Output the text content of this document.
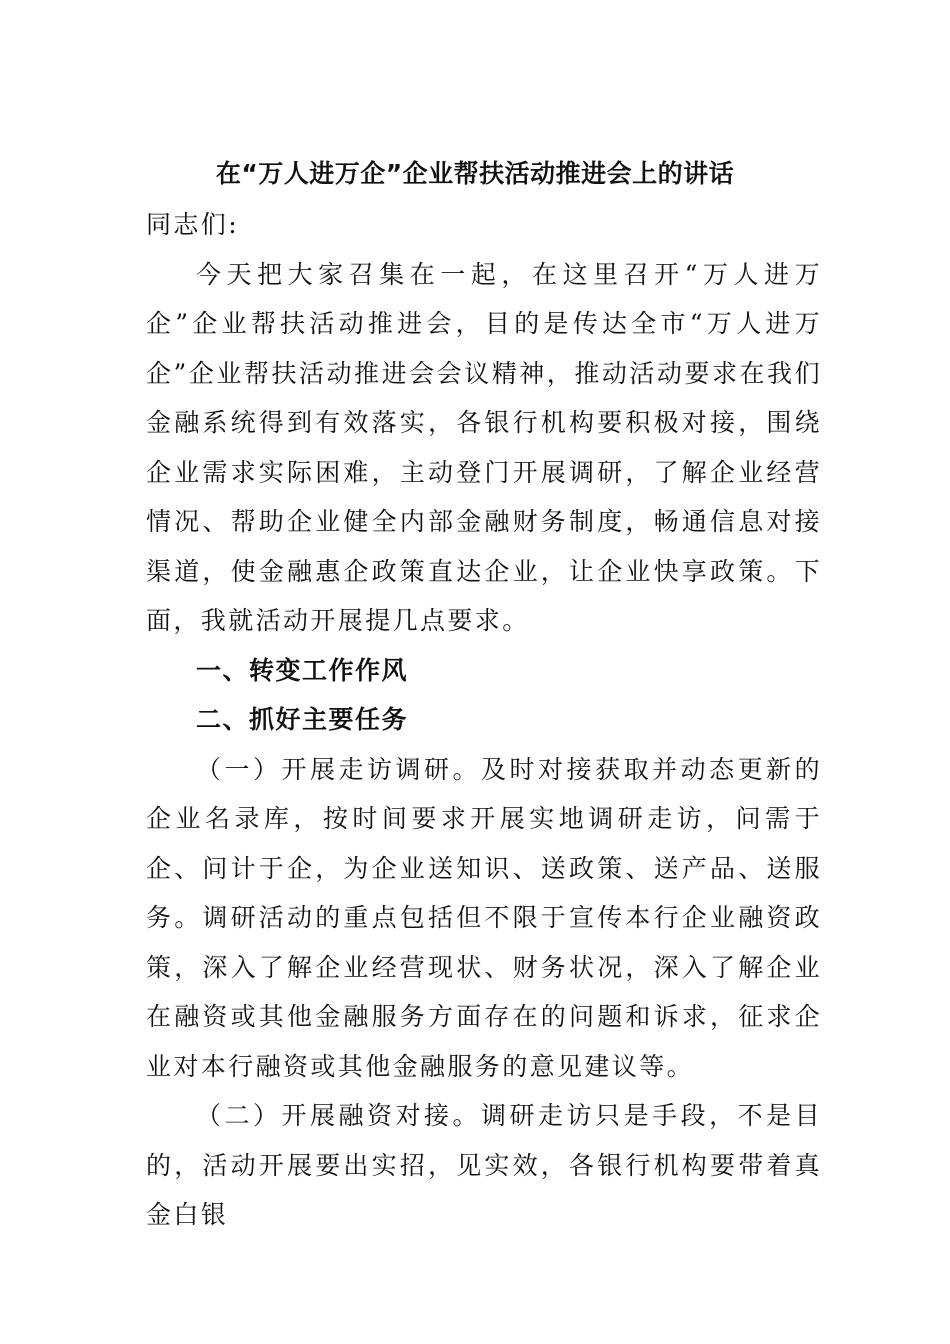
在“万人进万企”企业帮扶活动推进会上的讲话

同志们:

今天把大家召集在一起，在这里召开“万人进万企”企业帮扶活动推进会，目的是传达全市“万人进万企”企业帮扶活动推进会会议精神，推动活动要求在我们金融系统得到有效落实，各银行机构要积极对接，围绕企业需求实际困难，主动登门开展调研，了解企业经营情况、帮助企业健全内部金融财务制度，畅通信息对接渠道，使金融惠企政策直达企业，让企业快享政策。下面，我就活动开展提几点要求。

一、转变工作作风

二、抓好主要任务

（一）开展走访调研。及时对接获取并动态更新的企业名录库，按时间要求开展实地调研走访，问需于企、问计于企，为企业送知识、送政策、送产品、送服务。调研活动的重点包括但不限于宣传本行企业融资政策，深入了解企业经营现状、财务状况，深入了解企业在融资或其他金融服务方面存在的问题和诉求，征求企业对本行融资或其他金融服务的意见建议等。

（二）开展融资对接。调研走访只是手段，不是目的，活动开展要出实招，见实效，各银行机构要带着真金白银
